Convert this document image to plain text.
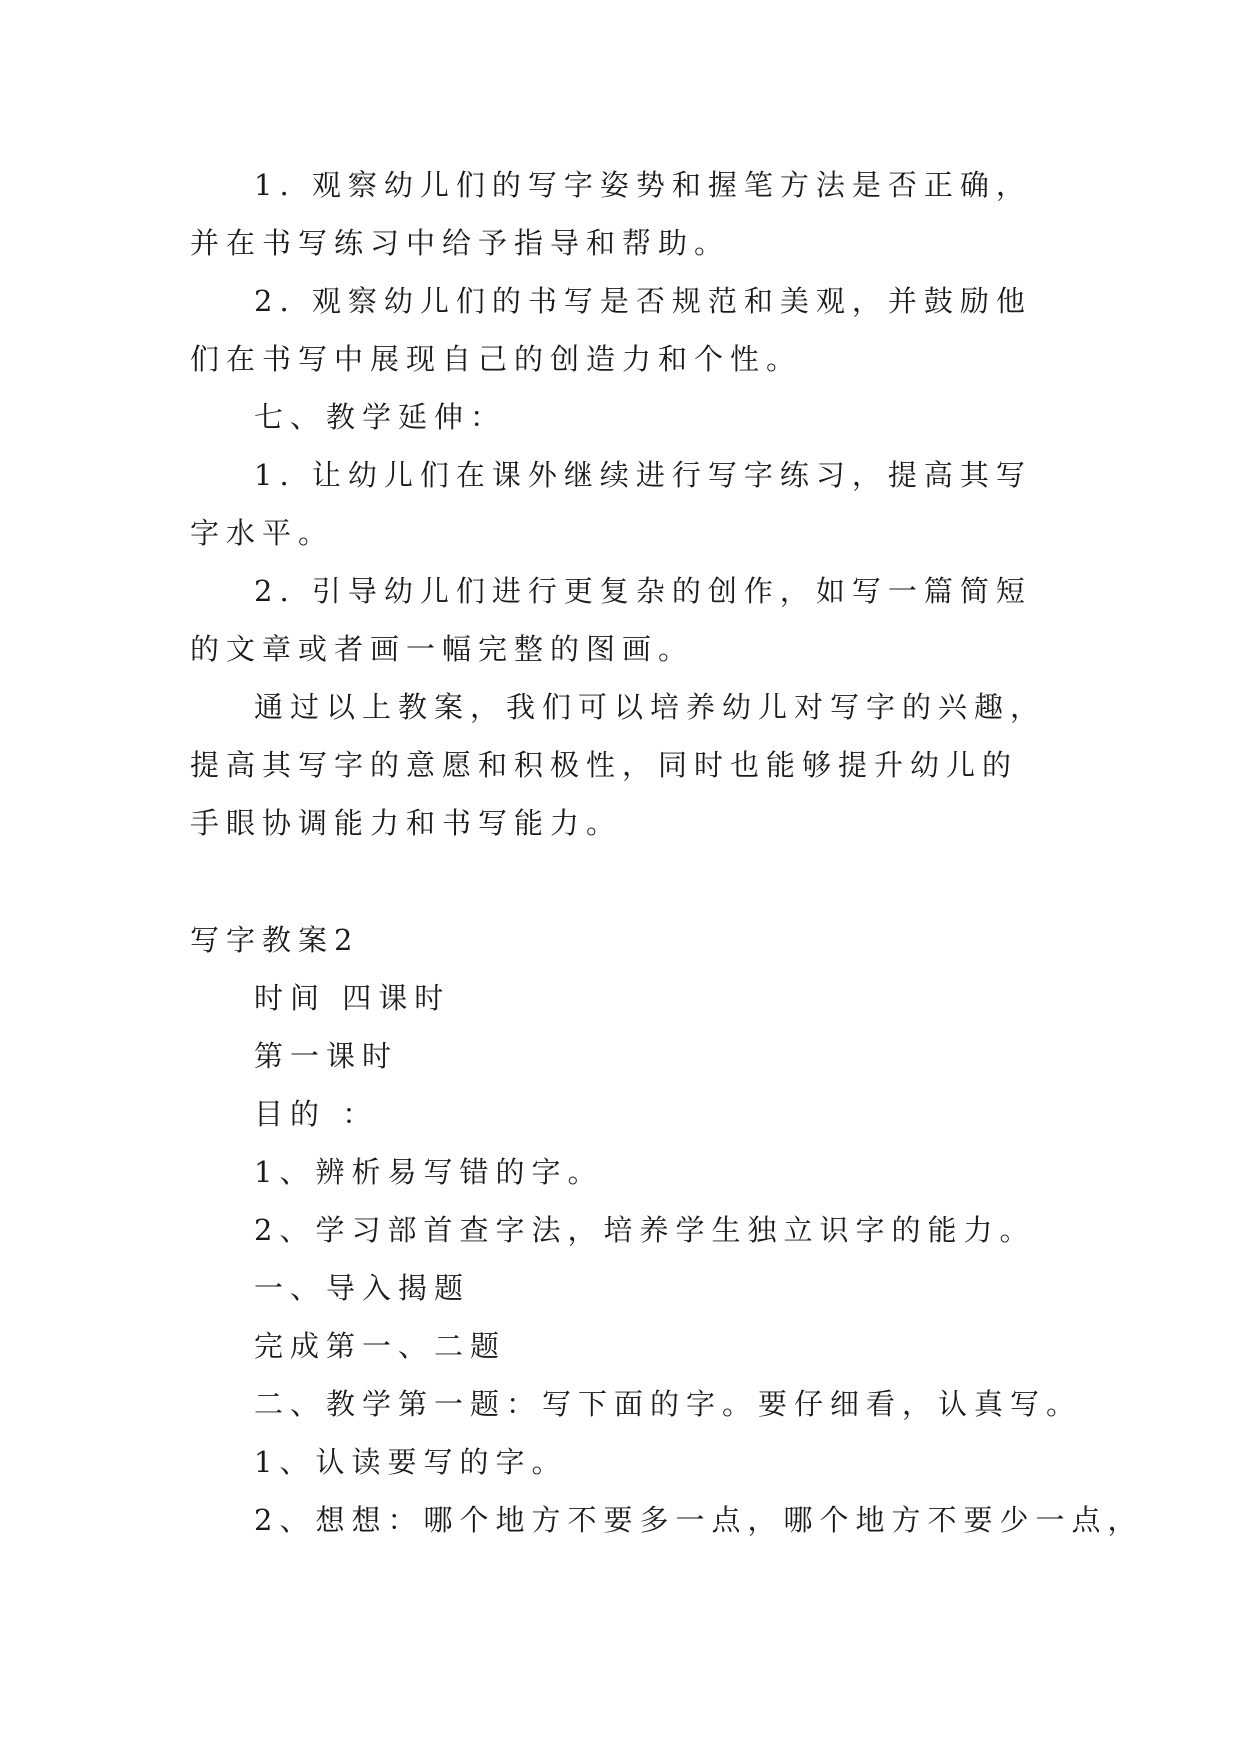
1. 观察幼儿们的写字姿势和握笔方法是否正确，并在书写练习中给予指导和帮助。

2. 观察幼儿们的书写是否规范和美观，并鼓励他们在书写中展现自己的创造力和个性。

七、教学延伸：

1. 让幼儿们在课外继续进行写字练习，提高其写字水平。

2. 引导幼儿们进行更复杂的创作，如写一篇简短的文章或者画一幅完整的图画。

通过以上教案，我们可以培养幼儿对写字的兴趣，提高其写字的意愿和积极性，同时也能够提升幼儿的手眼协调能力和书写能力。

写字教案2
时间 四课时
第一课时
目的 ：
1、辨析易写错的字。
2、学习部首查字法，培养学生独立识字的能力。
一、导入揭题
完成第一、二题
二、教学第一题：写下面的字。要仔细看，认真写。
1、认读要写的字。
2、想想：哪个地方不要多一点，哪个地方不要少一点，
